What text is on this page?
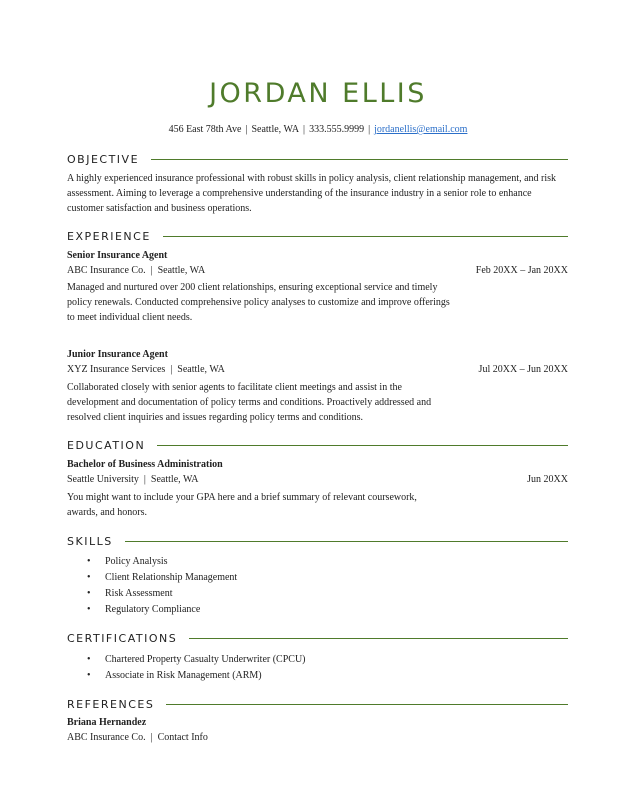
JORDAN ELLIS
456 East 78th Ave | Seattle, WA | 333.555.9999 | jordanellis@email.com
OBJECTIVE
A highly experienced insurance professional with robust skills in policy analysis, client relationship management, and risk assessment. Aiming to leverage a comprehensive understanding of the insurance industry in a senior role to enhance customer satisfaction and business operations.
EXPERIENCE
Senior Insurance Agent
ABC Insurance Co.  |  Seattle, WA	Feb 20XX – Jan 20XX
Managed and nurtured over 200 client relationships, ensuring exceptional service and timely policy renewals. Conducted comprehensive policy analyses to customize and improve offerings to meet individual client needs.
Junior Insurance Agent
XYZ Insurance Services  |  Seattle, WA	Jul 20XX – Jun 20XX
Collaborated closely with senior agents to facilitate client meetings and assist in the development and documentation of policy terms and conditions. Proactively addressed and resolved client inquiries and issues regarding policy terms and conditions.
EDUCATION
Bachelor of Business Administration
Seattle University  |  Seattle, WA	Jun 20XX
You might want to include your GPA here and a brief summary of relevant coursework, awards, and honors.
SKILLS
• Policy Analysis
• Client Relationship Management
• Risk Assessment
• Regulatory Compliance
CERTIFICATIONS
• Chartered Property Casualty Underwriter (CPCU)
• Associate in Risk Management (ARM)
REFERENCES
Briana Hernandez
ABC Insurance Co.  |  Contact Info
